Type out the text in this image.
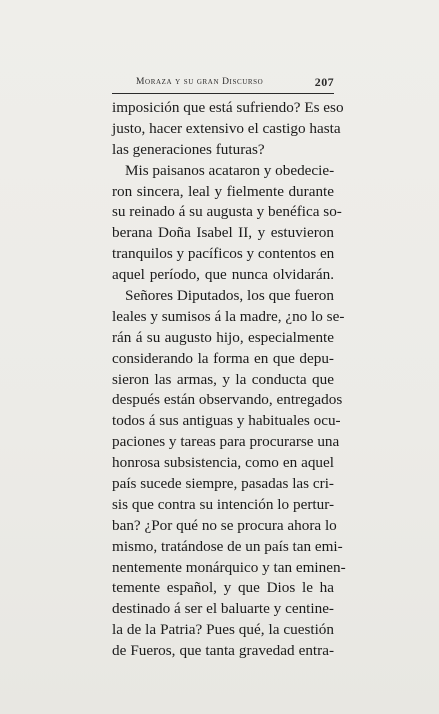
Moraza y su gran Discurso	207
imposición que está sufriendo? Es eso
justo, hacer extensivo el castigo hasta
las generaciones futuras?
Mis paisanos acataron y obedecie-
ron sincera, leal y fielmente durante
su reinado á su augusta y benéfica so-
berana Doña Isabel II, y estuvieron
tranquilos y pacíficos y contentos en
aquel período, que nunca olvidarán.
Señores Diputados, los que fueron
leales y sumisos á la madre, ¿no lo se-
rán á su augusto hijo, especialmente
considerando la forma en que depu-
sieron las armas, y la conducta que
después están observando, entregados
todos á sus antiguas y habituales ocu-
paciones y tareas para procurarse una
honrosa subsistencia, como en aquel
país sucede siempre, pasadas las cri-
sis que contra su intención lo pertur-
ban? ¿Por qué no se procura ahora lo
mismo, tratándose de un país tan emi-
nentemente monárquico y tan eminen-
temente español, y que Dios le ha
destinado á ser el baluarte y centine-
la de la Patria? Pues qué, la cuestión
de Fueros, que tanta gravedad entra-
